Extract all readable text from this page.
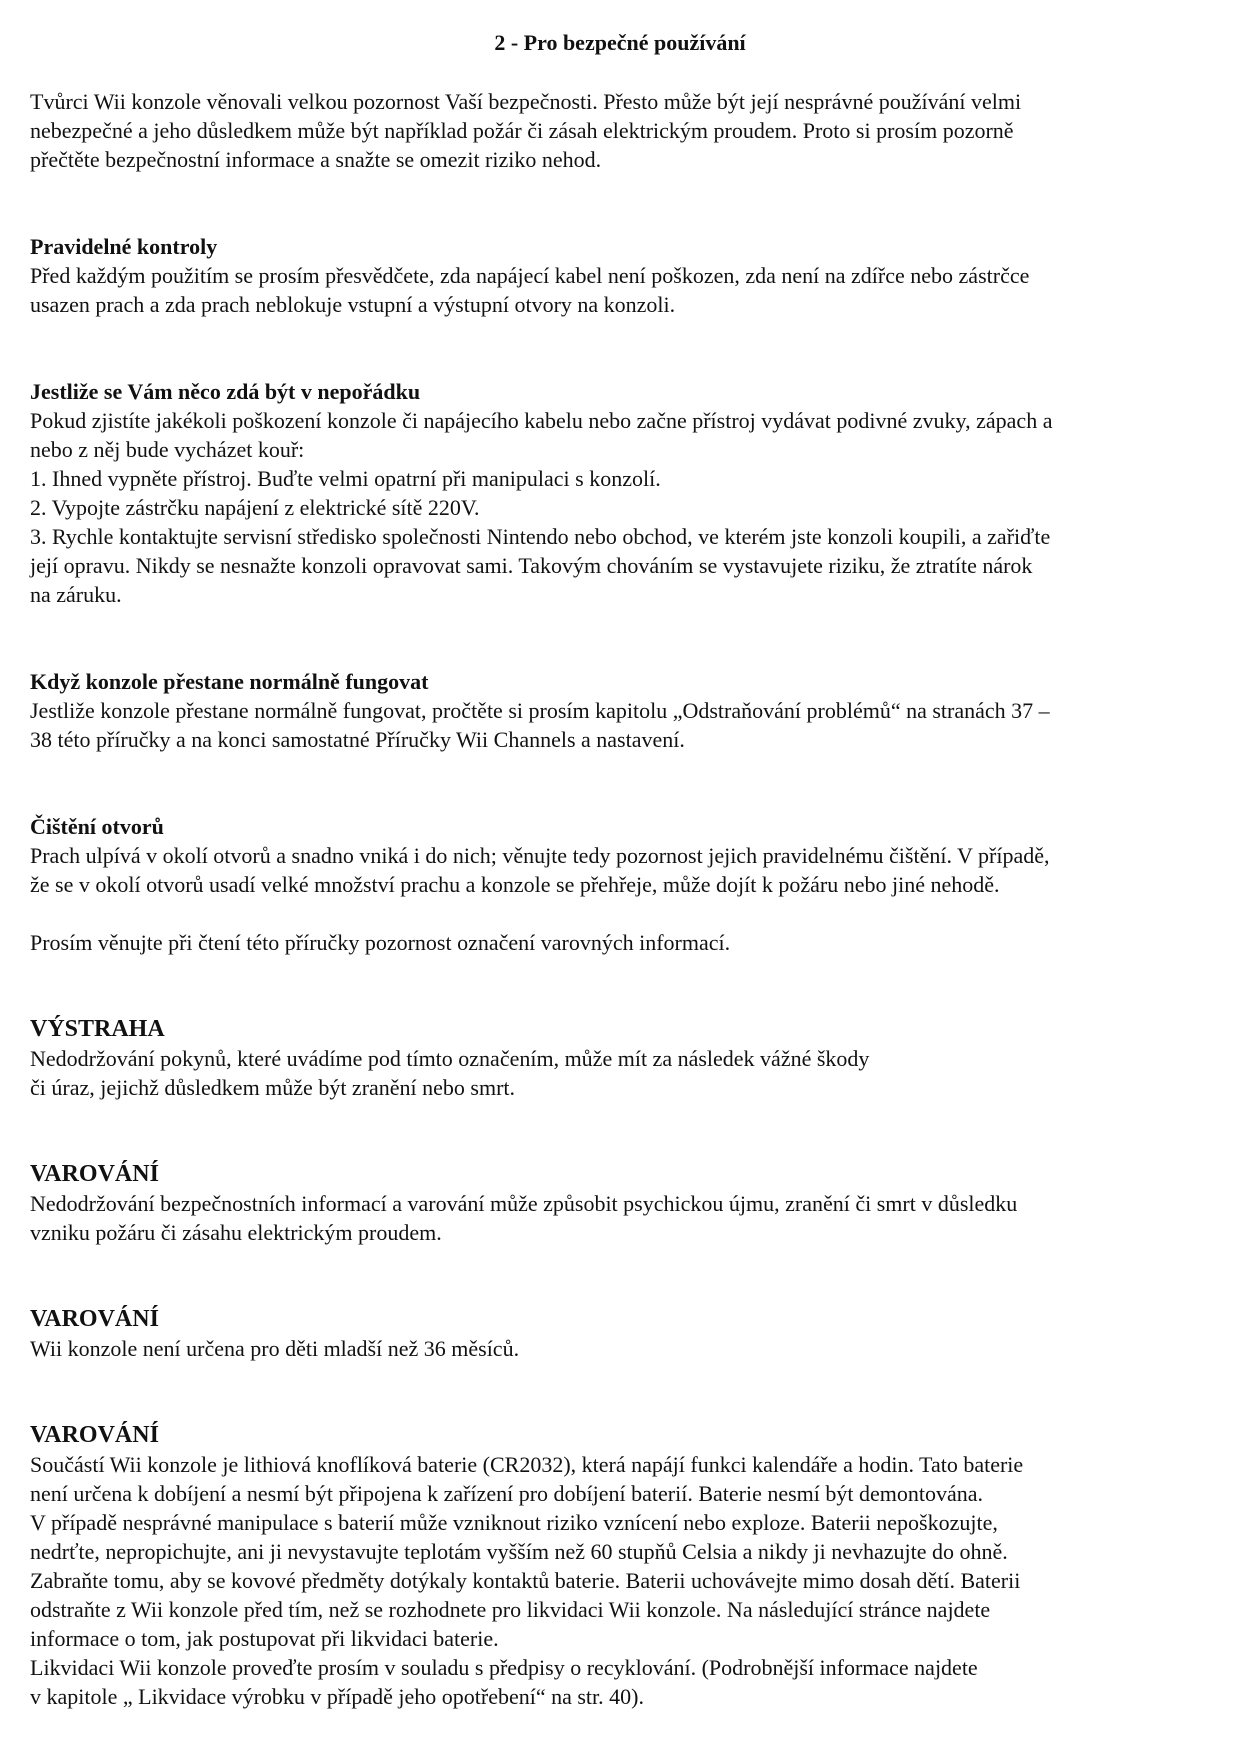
2 - Pro bezpečné používání
Tvůrci Wii konzole věnovali velkou pozornost Vaší bezpečnosti. Přesto může být její nesprávné používání velmi
nebezpečné a jeho důsledkem může být například požár či zásah elektrickým proudem. Proto si prosím pozorně
přečtěte bezpečnostní informace a snažte se omezit riziko nehod.
Pravidelné kontroly
Před každým použitím se prosím přesvědčete, zda napájecí kabel není poškozen, zda není na zdířce nebo zástrčce
usazen prach a zda prach neblokuje vstupní a výstupní otvory na konzoli.
Jestliže se Vám něco zdá být v nepořádku
Pokud zjistíte jakékoli poškození konzole či napájecího kabelu nebo začne přístroj vydávat podivné zvuky, zápach a
nebo z něj bude vycházet kouř:
1. Ihned vypněte přístroj. Buďte velmi opatrní při manipulaci s konzolí.
2. Vypojte zástrčku napájení z elektrické sítě 220V.
3. Rychle kontaktujte servisní středisko společnosti Nintendo nebo obchod, ve kterém jste konzoli koupili, a zařiďte
její opravu. Nikdy se nesnažte konzoli opravovat sami. Takovým chováním se vystavujete riziku, že ztratíte nárok
na záruku.
Když konzole přestane normálně fungovat
Jestliže konzole přestane normálně fungovat, pročtěte si prosím kapitolu „Odstraňování problémů“ na stranách 37 –
38 této příručky a na konci samostatné Příručky Wii Channels a nastavení.
Čištění otvorů
Prach ulpívá v okolí otvorů a snadno vniká i do nich; věnujte tedy pozornost jejich pravidelnému čištění. V případě,
že se v okolí otvorů usadí velké množství prachu a konzole se přehřeje, může dojít k požáru nebo jiné nehodě.
Prosím věnujte při čtení této příručky pozornost označení varovných informací.
VÝSTRAHA
Nedodržování pokynů, které uvádíme pod tímto označením, může mít za následek vážné škody
či úraz, jejichž důsledkem může být zranění nebo smrt.
VAROVÁNÍ
Nedodržování bezpečnostních informací a varování může způsobit psychickou újmu, zranění či smrt v důsledku
vzniku požáru či zásahu elektrickým proudem.
VAROVÁNÍ
Wii konzole není určena pro děti mladší než 36 měsíců.
VAROVÁNÍ
Součástí Wii konzole je lithiová knoflíková baterie (CR2032), která napájí funkci kalendáře a hodin. Tato baterie
není určena k dobíjení a nesmí být připojena k zařízení pro dobíjení baterií. Baterie nesmí být demontována.
V případě nesprávné manipulace s baterií může vzniknout riziko vznícení nebo exploze. Baterii nepoškozujte,
nedrťte, nepropichujte, ani ji nevystavujte teplotám vyšším než 60 stupňů Celsia a nikdy ji nevhazujte do ohně.
Zabraňte tomu, aby se kovové předměty dotýkaly kontaktů baterie. Baterii uchovávejte mimo dosah dětí. Baterii
odstraňte z Wii konzole před tím, než se rozhodnete pro likvidaci Wii konzole. Na následující stránce najdete
informace o tom, jak postupovat při likvidaci baterie.
Likvidaci Wii konzole proveďte prosím v souladu s předpisy o recyklování. (Podrobnější informace najdete
v kapitole „ Likvidace výrobku v případě jeho opotřebení“ na str. 40).
